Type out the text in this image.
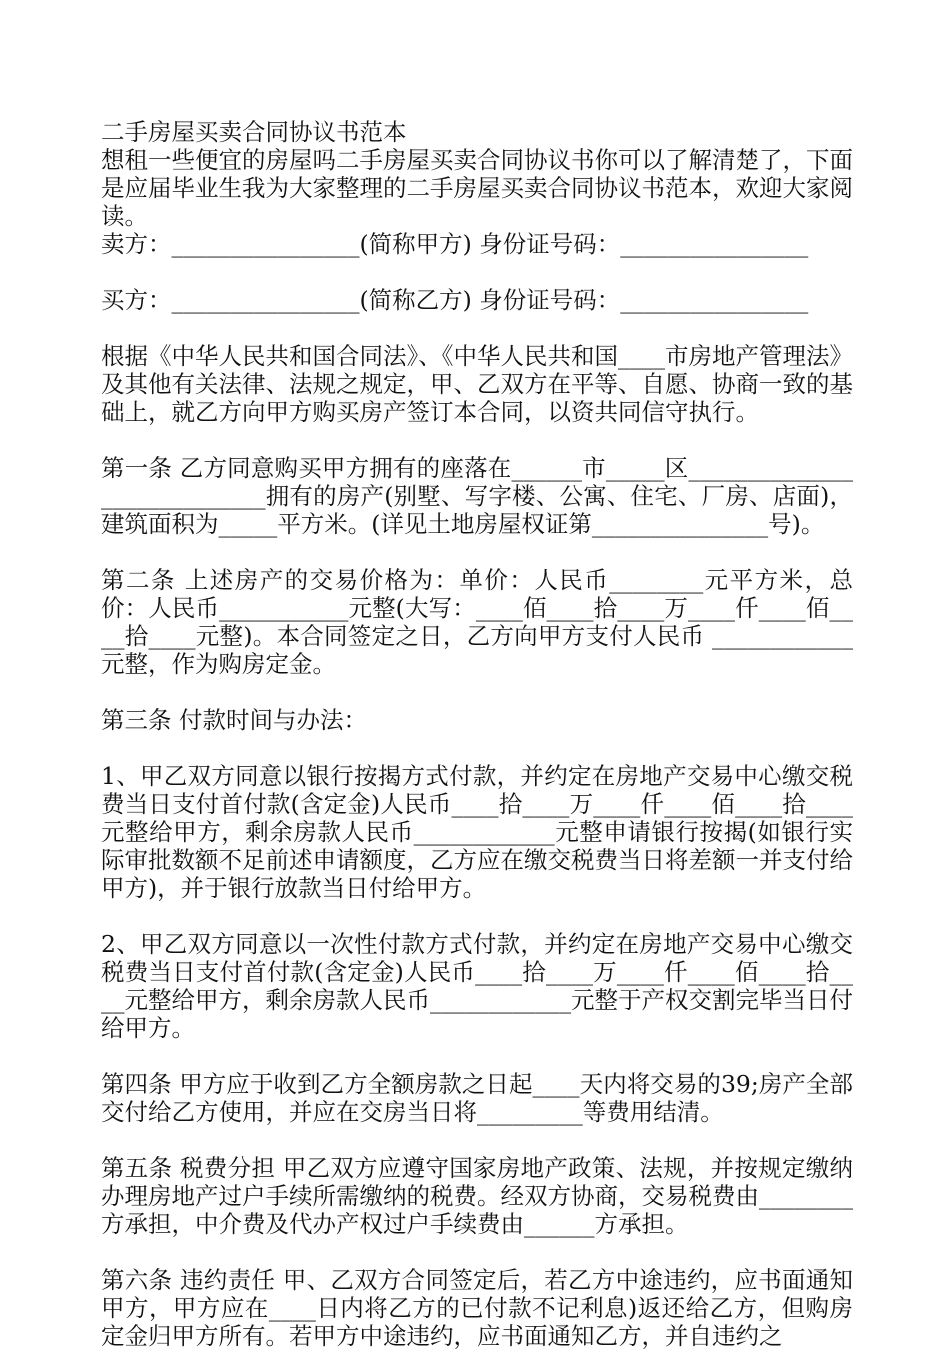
二手房屋买卖合同协议书范本

想租一些便宜的房屋吗二手房屋买卖合同协议书你可以了解清楚了，下面是应届毕业生我为大家整理的二手房屋买卖合同协议书范本，欢迎大家阅读。

卖方：________________(简称甲方) 身份证号码：________________

买方：________________(简称乙方) 身份证号码：________________

根据《中华人民共和国合同法》、《中华人民共和国____市房地产管理法》及其他有关法律、法规之规定，甲、乙双方在平等、自愿、协商一致的基础上，就乙方向甲方购买房产签订本合同，以资共同信守执行。

第一条 乙方同意购买甲方拥有的座落在______市_____区____________________________拥有的房产(别墅、写字楼、公寓、住宅、厂房、店面)，建筑面积为_____平方米。(详见土地房屋权证第_______________号)。

第二条 上述房产的交易价格为：单价：人民币________元平方米，总价：人民币___________元整(大写：____佰____拾____万____仟____佰____拾____元整)。本合同签定之日，乙方向甲方支付人民币 ____________元整，作为购房定金。

第三条 付款时间与办法：

1、甲乙双方同意以银行按揭方式付款，并约定在房地产交易中心缴交税费当日支付首付款(含定金)人民币____拾____万____仟____佰____拾____元整给甲方，剩余房款人民币____________元整申请银行按揭(如银行实际审批数额不足前述申请额度，乙方应在缴交税费当日将差额一并支付给甲方)，并于银行放款当日付给甲方。

2、甲乙双方同意以一次性付款方式付款，并约定在房地产交易中心缴交税费当日支付首付款(含定金)人民币____拾____万____仟____佰____拾____元整给甲方，剩余房款人民币____________元整于产权交割完毕当日付给甲方。

第四条 甲方应于收到乙方全额房款之日起____天内将交易的39;房产全部交付给乙方使用，并应在交房当日将_________等费用结清。

第五条 税费分担 甲乙双方应遵守国家房地产政策、法规，并按规定缴纳办理房地产过户手续所需缴纳的税费。经双方协商，交易税费由________方承担，中介费及代办产权过户手续费由______方承担。

第六条 违约责任 甲、乙双方合同签定后，若乙方中途违约，应书面通知甲方，甲方应在____日内将乙方的已付款不记利息)返还给乙方，但购房定金归甲方所有。若甲方中途违约，应书面通知乙方，并自违约之
